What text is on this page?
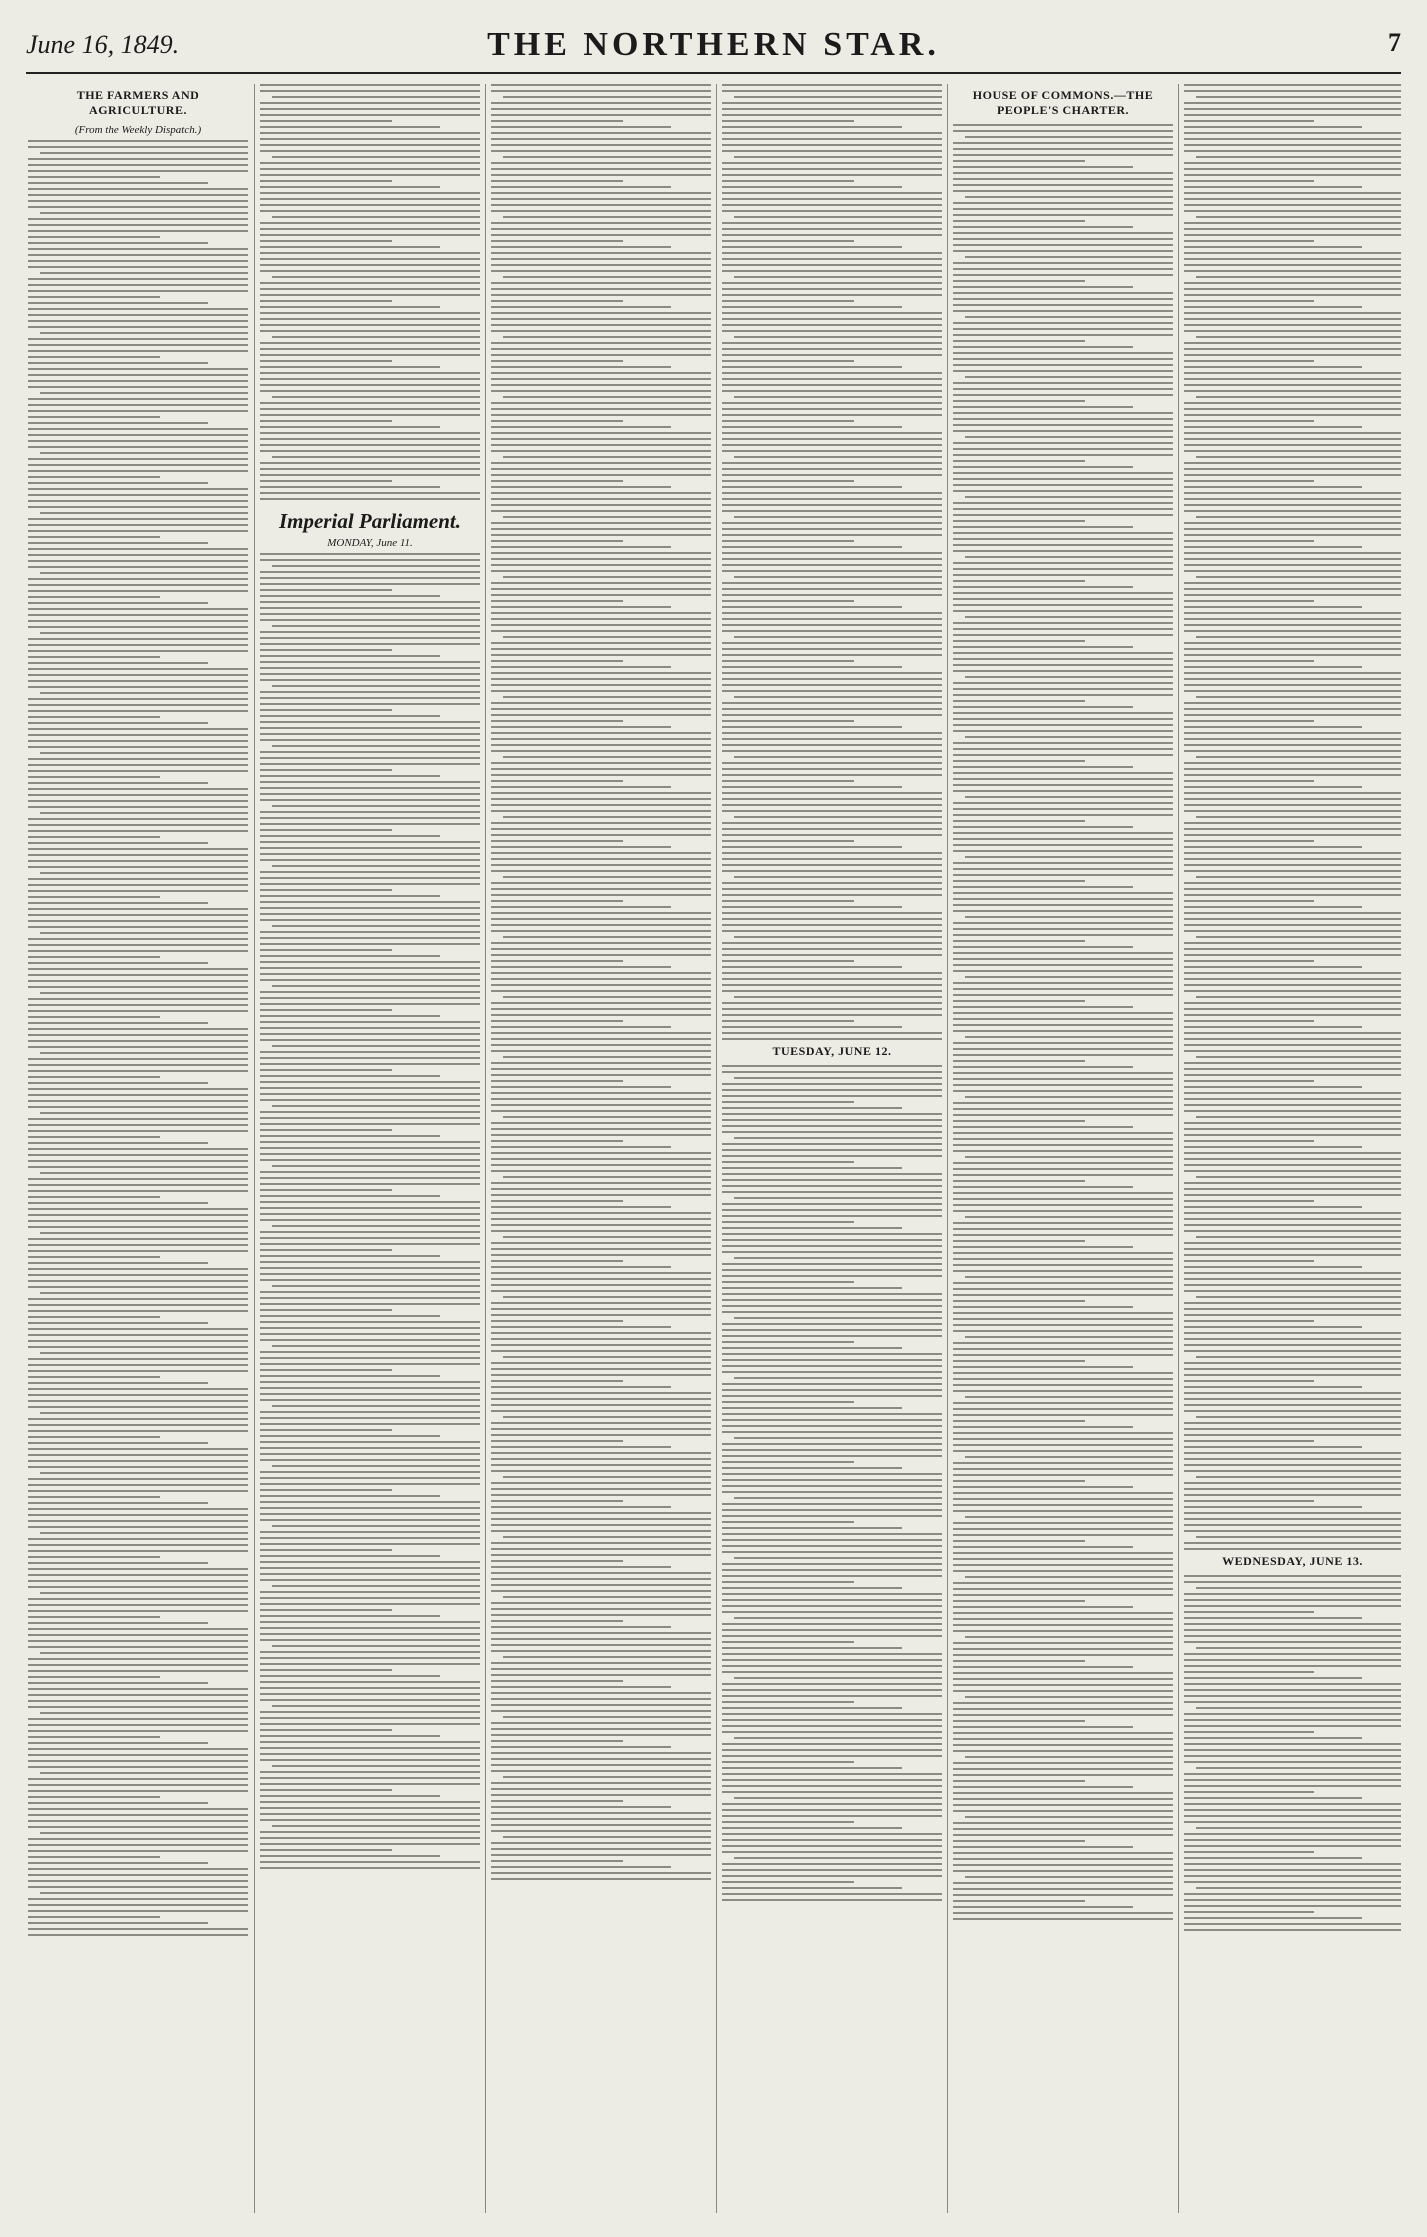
June 16, 1849.	THE NORTHERN STAR.	7
THE FARMERS AND AGRICULTURE.
(From the Weekly Dispatch.)
Imperial Parliament.
MONDAY, June 11.
TUESDAY, JUNE 12.
HOUSE OF COMMONS.—THE PEOPLE'S CHARTER.
WEDNESDAY, JUNE 13.
